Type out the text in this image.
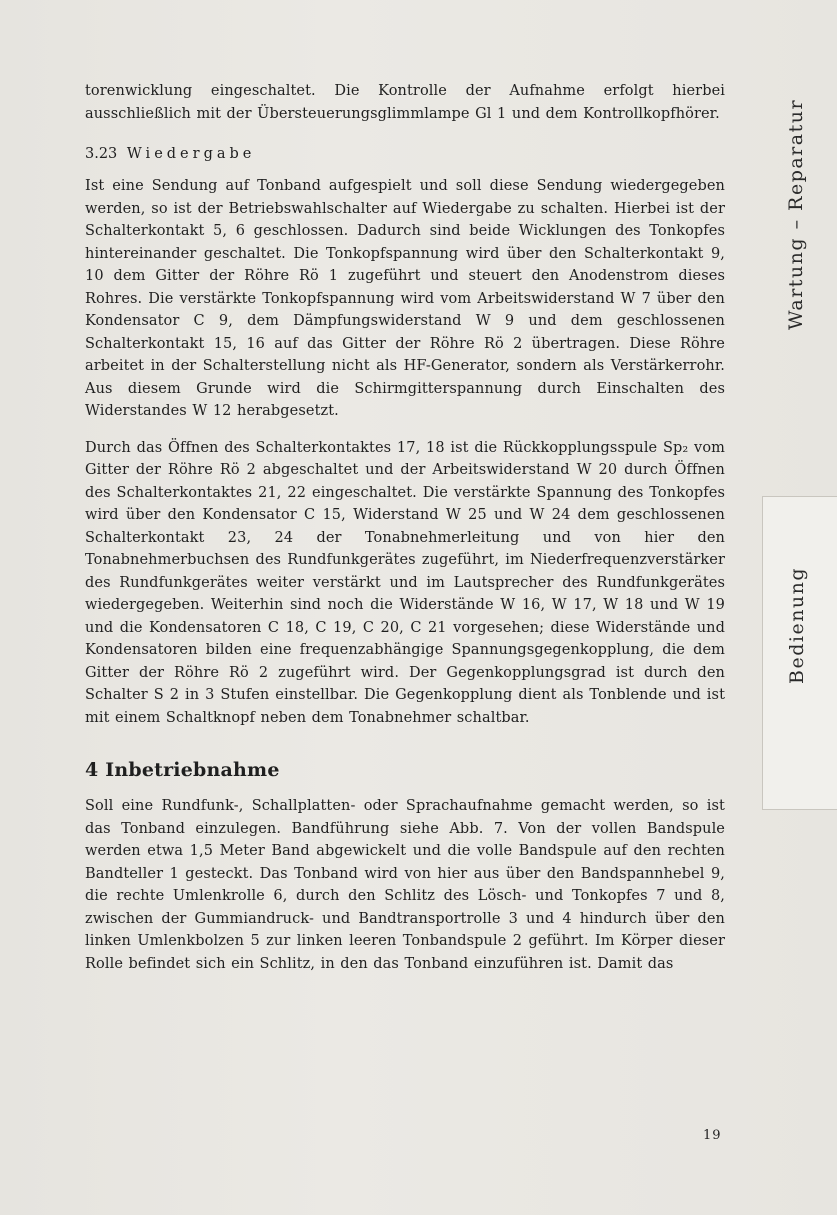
Wartung – Reparatur
Bedienung

torenwicklung eingeschaltet. Die Kontrolle der Aufnahme erfolgt hierbei ausschließlich mit der Übersteuerungsglimmlampe Gl 1 und dem Kontrollkopfhörer.

3.23 Wiedergabe

Ist eine Sendung auf Tonband aufgespielt und soll diese Sendung wiedergegeben werden, so ist der Betriebswahlschalter auf Wiedergabe zu schalten. Hierbei ist der Schalterkontakt 5, 6 geschlossen. Dadurch sind beide Wicklungen des Tonkopfes hintereinander geschaltet. Die Tonkopfspannung wird über den Schalterkontakt 9, 10 dem Gitter der Röhre Rö 1 zugeführt und steuert den Anodenstrom dieses Rohres. Die verstärkte Tonkopfspannung wird vom Arbeitswiderstand W 7 über den Kondensator C 9, dem Dämpfungswiderstand W 9 und dem geschlossenen Schalterkontakt 15, 16 auf das Gitter der Röhre Rö 2 übertragen. Diese Röhre arbeitet in der Schalterstellung nicht als HF-Generator, sondern als Verstärkerrohr. Aus diesem Grunde wird die Schirmgitterspannung durch Einschalten des Widerstandes W 12 herabgesetzt.

Durch das Öffnen des Schalterkontaktes 17, 18 ist die Rückkopplungsspule Sp₂ vom Gitter der Röhre Rö 2 abgeschaltet und der Arbeitswiderstand W 20 durch Öffnen des Schalterkontaktes 21, 22 eingeschaltet. Die verstärkte Spannung des Tonkopfes wird über den Kondensator C 15, Widerstand W 25 und W 24 dem geschlossenen Schalterkontakt 23, 24 der Tonabnehmerleitung und von hier den Tonabnehmerbuchsen des Rundfunkgerätes zugeführt, im Niederfrequenzverstärker des Rundfunkgerätes weiter verstärkt und im Lautsprecher des Rundfunkgerätes wiedergegeben. Weiterhin sind noch die Widerstände W 16, W 17, W 18 und W 19 und die Kondensatoren C 18, C 19, C 20, C 21 vorgesehen; diese Widerstände und Kondensatoren bilden eine frequenzabhängige Spannungsgegenkopplung, die dem Gitter der Röhre Rö 2 zugeführt wird. Der Gegenkopplungsgrad ist durch den Schalter S 2 in 3 Stufen einstellbar. Die Gegenkopplung dient als Tonblende und ist mit einem Schaltknopf neben dem Tonabnehmer schaltbar.

4 Inbetriebnahme

Soll eine Rundfunk-, Schallplatten- oder Sprachaufnahme gemacht werden, so ist das Tonband einzulegen. Bandführung siehe Abb. 7. Von der vollen Bandspule werden etwa 1,5 Meter Band abgewickelt und die volle Bandspule auf den rechten Bandteller 1 gesteckt. Das Tonband wird von hier aus über den Bandspannhebel 9, die rechte Umlenkrolle 6, durch den Schlitz des Lösch- und Tonkopfes 7 und 8, zwischen der Gummiandruck- und Bandtransportrolle 3 und 4 hindurch über den linken Umlenkbolzen 5 zur linken leeren Tonbandspule 2 geführt. Im Körper dieser Rolle befindet sich ein Schlitz, in den das Tonband einzuführen ist. Damit das

19
